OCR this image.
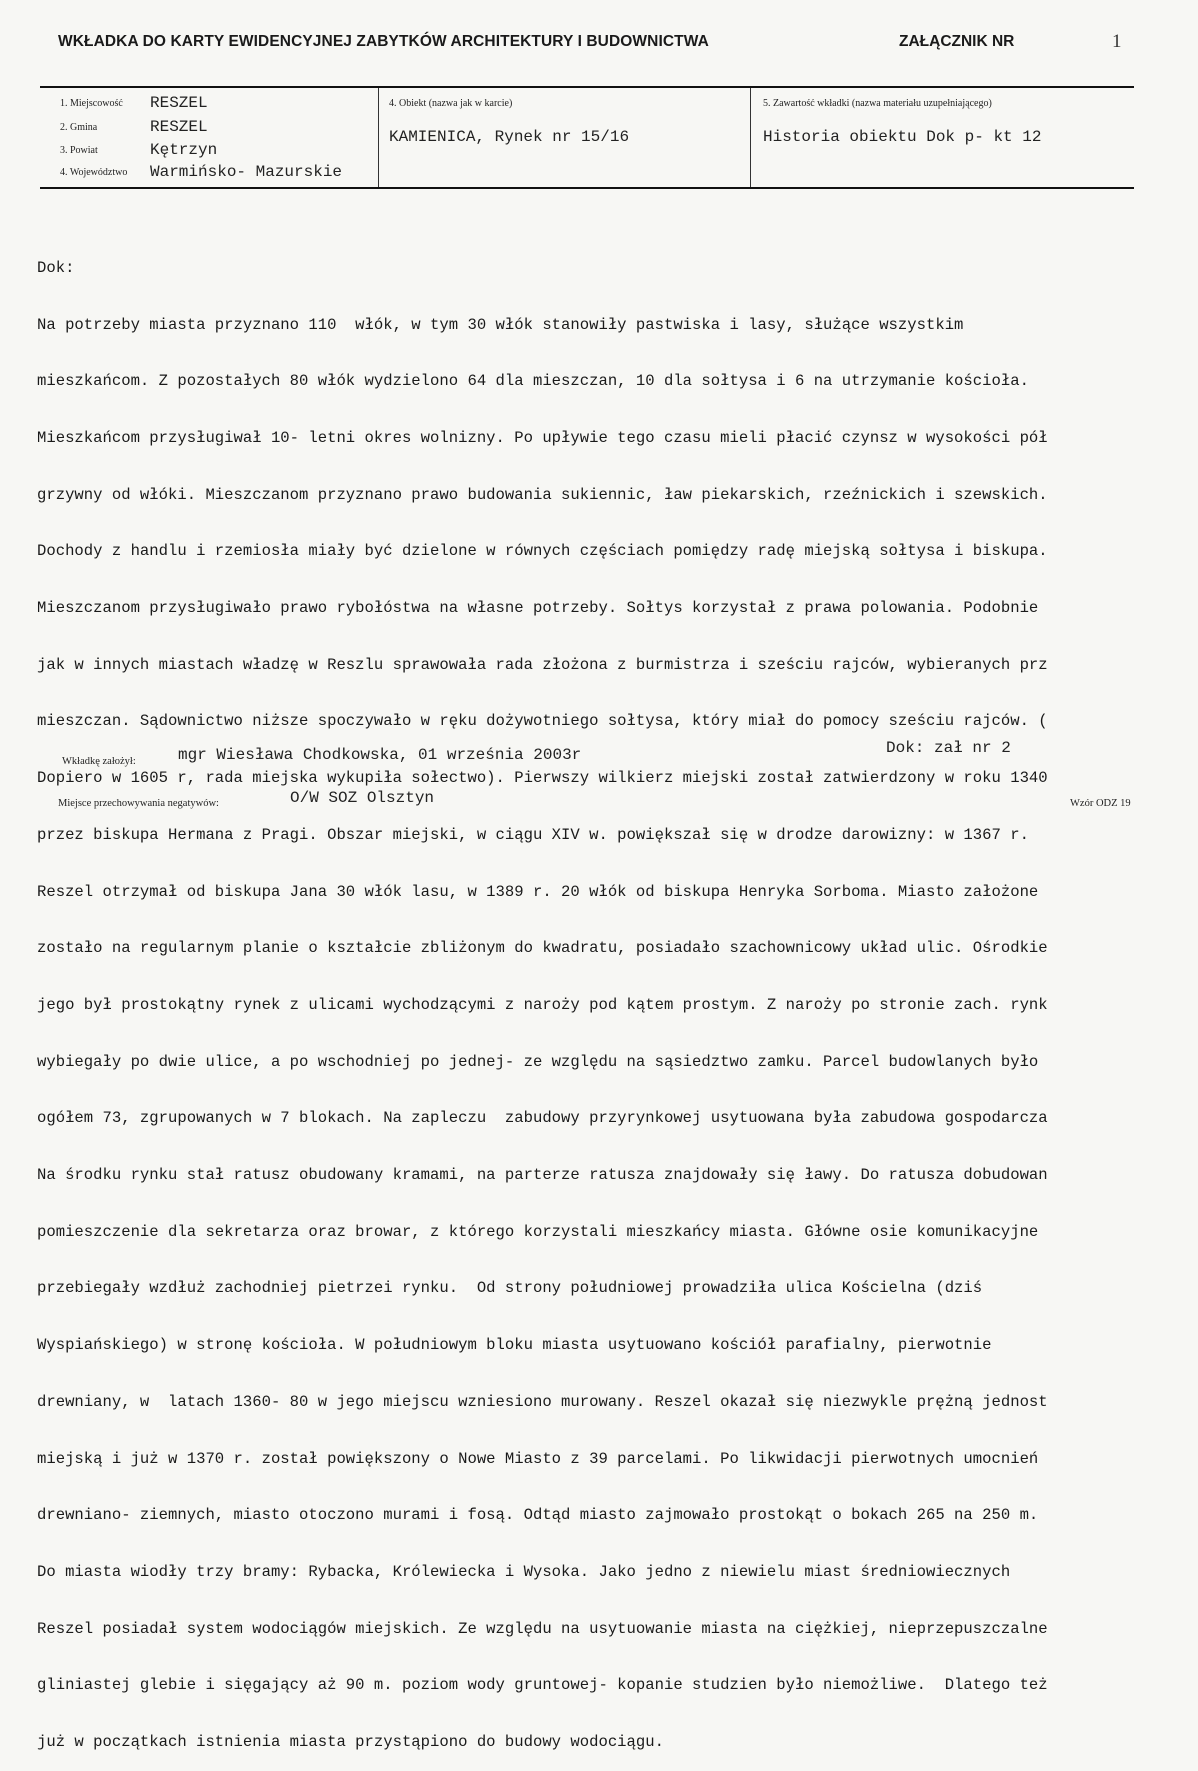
WKŁADKA DO KARTY EWIDENCYJNEJ ZABYTKÓW ARCHITEKTURY I BUDOWNICTWA	ZAŁĄCZNIK NR	1
1. Miejscowość RESZEL
2. Gmina	RESZEL
3. Powiat	Kętrzyn
4. Województwo Warmińsko- Mazurskie
4. Obiekt (nazwa jak w karcie)
KAMIENICA, Rynek nr 15/16
5. Zawartość wkładki (nazwa materiału uzupełniającego)
Historia obiektu Dok p- kt 12

Dok:

Na potrzeby miasta przyznano 110  włók, w tym 30 włók stanowiły pastwiska i lasy, służące wszystkim

mieszkańcom. Z pozostałych 80 włók wydzielono 64 dla mieszczan, 10 dla sołtysa i 6 na utrzymanie kościoła.

Mieszkańcom przysługiwał 10- letni okres wolnizny. Po upływie tego czasu mieli płacić czynsz w wysokości pół

grzywny od włóki. Mieszczanom przyznano prawo budowania sukiennic, ław piekarskich, rzeźnickich i szewskich.

Dochody z handlu i rzemiosła miały być dzielone w równych częściach pomiędzy radę miejską sołtysa i biskupa.

Mieszczanom przysługiwało prawo rybołóstwa na własne potrzeby. Sołtys korzystał z prawa polowania. Podobnie

jak w innych miastach władzę w Reszlu sprawowała rada złożona z burmistrza i sześciu rajców, wybieranych prz

mieszczan. Sądownictwo niższe spoczywało w ręku dożywotniego sołtysa, który miał do pomocy sześciu rajców. (

Dopiero w 1605 r, rada miejska wykupiła sołectwo). Pierwszy wilkierz miejski został zatwierdzony w roku 1340

przez biskupa Hermana z Pragi. Obszar miejski, w ciągu XIV w. powiększał się w drodze darowizny: w 1367 r.

Reszel otrzymał od biskupa Jana 30 włók lasu, w 1389 r. 20 włók od biskupa Henryka Sorboma. Miasto założone

zostało na regularnym planie o kształcie zbliżonym do kwadratu, posiadało szachownicowy układ ulic. Ośrodkie

jego był prostokątny rynek z ulicami wychodzącymi z naroży pod kątem prostym. Z naroży po stronie zach. rynk

wybiegały po dwie ulice, a po wschodniej po jednej- ze względu na sąsiedztwo zamku. Parcel budowlanych było

ogółem 73, zgrupowanych w 7 blokach. Na zapleczu  zabudowy przyrynkowej usytuowana była zabudowa gospodarcza

Na środku rynku stał ratusz obudowany kramami, na parterze ratusza znajdowały się ławy. Do ratusza dobudowan

pomieszczenie dla sekretarza oraz browar, z którego korzystali mieszkańcy miasta. Główne osie komunikacyjne

przebiegały wzdłuż zachodniej pietrzei rynku.  Od strony południowej prowadziła ulica Kościelna (dziś

Wyspiańskiego) w stronę kościoła. W południowym bloku miasta usytuowano kościół parafialny, pierwotnie

drewniany, w  latach 1360- 80 w jego miejscu wzniesiono murowany. Reszel okazał się niezwykle prężną jednost

miejską i już w 1370 r. został powiększony o Nowe Miasto z 39 parcelami. Po likwidacji pierwotnych umocnień

drewniano- ziemnych, miasto otoczono murami i fosą. Odtąd miasto zajmowało prostokąt o bokach 265 na 250 m.

Do miasta wiodły trzy bramy: Rybacka, Królewiecka i Wysoka. Jako jedno z niewielu miast średniowiecznych

Reszel posiadał system wodociągów miejskich. Ze względu na usytuowanie miasta na ciężkiej, nieprzepuszczalne

gliniastej glebie i sięgający aż 90 m. poziom wody gruntowej- kopanie studzien było niemożliwe.  Dlatego też

już w początkach istnienia miasta przystąpiono do budowy wodociągu.

Dok: zał nr 2
Wkładkę założył:	mgr Wiesława Chodkowska, 01 września 2003r
Miejsce przechowywania negatywów:	O/W SOZ Olsztyn	Wzór ODZ 19
